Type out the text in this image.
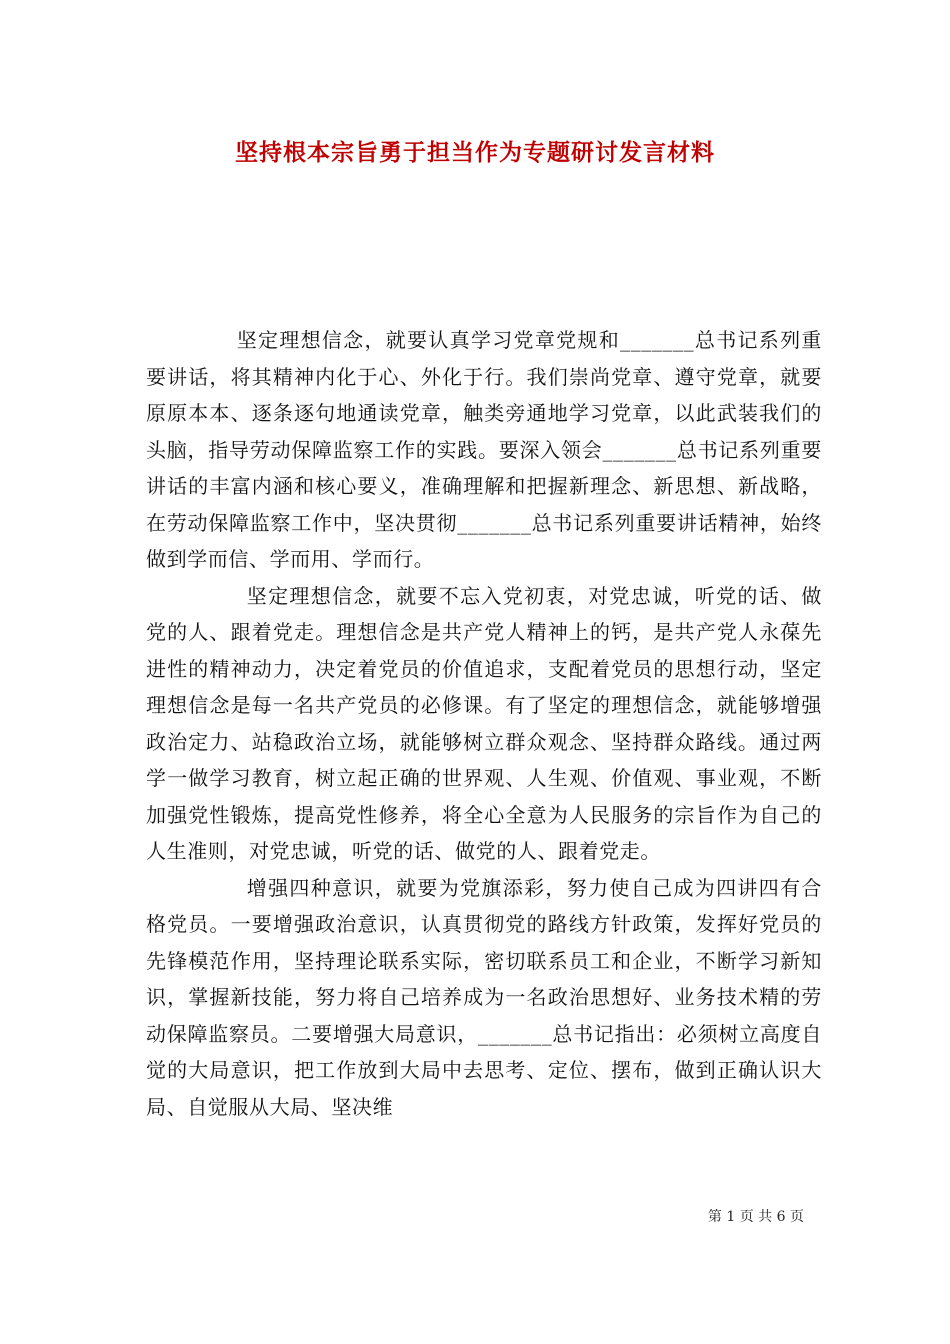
坚持根本宗旨勇于担当作为专题研讨发言材料

坚定理想信念，就要认真学习党章党规和_______总书记系列重要讲话，将其精神内化于心、外化于行。我们崇尚党章、遵守党章，就要原原本本、逐条逐句地通读党章，触类旁通地学习党章，以此武装我们的头脑，指导劳动保障监察工作的实践。要深入领会_______总书记系列重要讲话的丰富内涵和核心要义，准确理解和把握新理念、新思想、新战略，在劳动保障监察工作中，坚决贯彻_______总书记系列重要讲话精神，始终做到学而信、学而用、学而行。

坚定理想信念，就要不忘入党初衷，对党忠诚，听党的话、做党的人、跟着党走。理想信念是共产党人精神上的钙，是共产党人永葆先进性的精神动力，决定着党员的价值追求，支配着党员的思想行动，坚定理想信念是每一名共产党员的必修课。有了坚定的理想信念，就能够增强政治定力、站稳政治立场，就能够树立群众观念、坚持群众路线。通过两学一做学习教育，树立起正确的世界观、人生观、价值观、事业观，不断加强党性锻炼，提高党性修养，将全心全意为人民服务的宗旨作为自己的人生准则，对党忠诚，听党的话、做党的人、跟着党走。

增强四种意识，就要为党旗添彩，努力使自己成为四讲四有合格党员。一要增强政治意识，认真贯彻党的路线方针政策，发挥好党员的先锋模范作用，坚持理论联系实际，密切联系员工和企业，不断学习新知识，掌握新技能，努力将自己培养成为一名政治思想好、业务技术精的劳动保障监察员。二要增强大局意识，_______总书记指出：必须树立高度自觉的大局意识，把工作放到大局中去思考、定位、摆布，做到正确认识大局、自觉服从大局、坚决维

第 1 页 共 6 页
